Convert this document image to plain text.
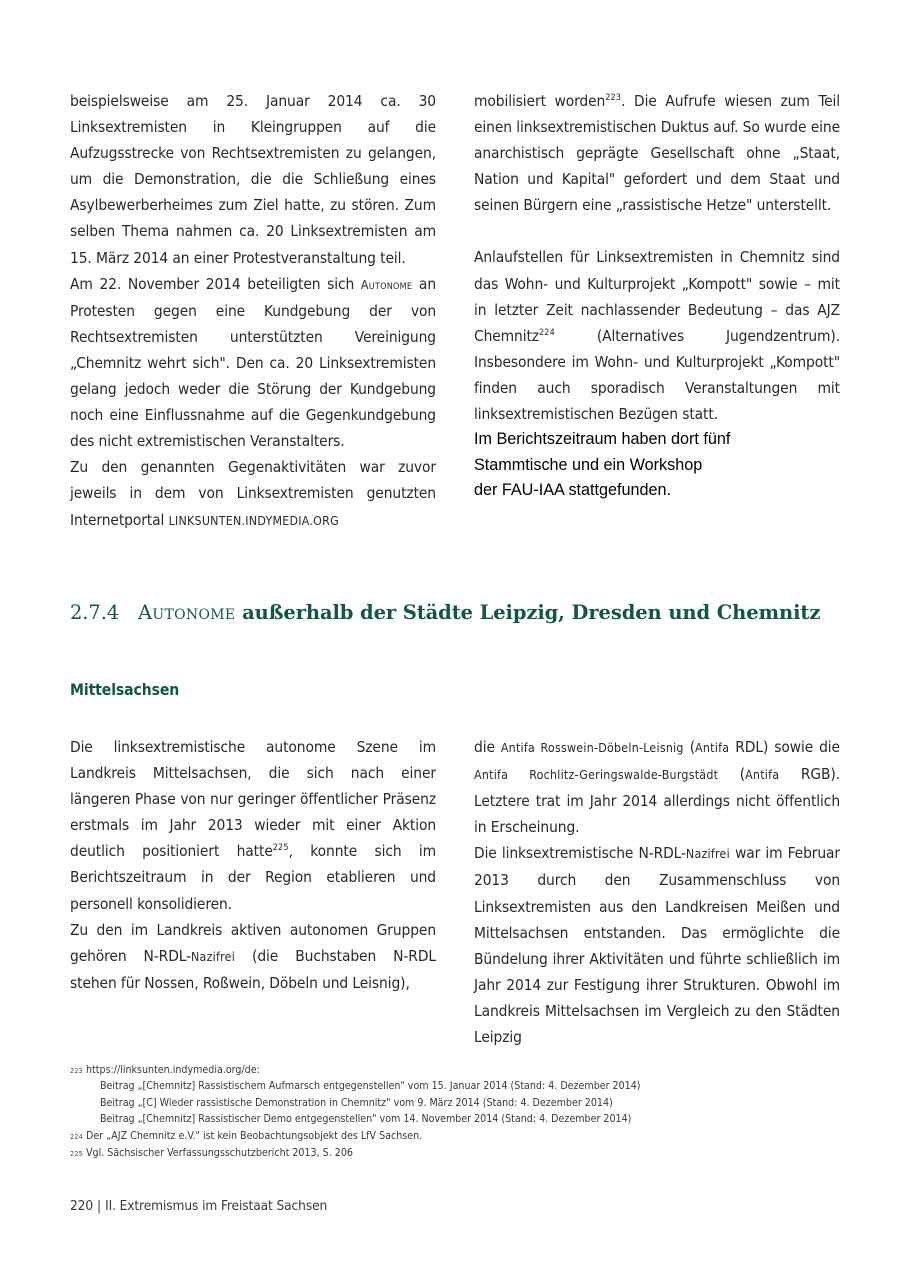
beispielsweise am 25. Januar 2014 ca. 30 Linksextremisten in Kleingruppen auf die Aufzugsstrecke von Rechtsextremisten zu gelangen, um die Demonstration, die die Schließung eines Asylbewerberheimes zum Ziel hatte, zu stören. Zum selben Thema nahmen ca. 20 Linksextremisten am 15. März 2014 an einer Protestveranstaltung teil.

Am 22. November 2014 beteiligten sich Autonome an Protesten gegen eine Kundgebung der von Rechtsextremisten unterstützten Vereinigung „Chemnitz wehrt sich". Den ca. 20 Linksextremisten gelang jedoch weder die Störung der Kundgebung noch eine Einflussnahme auf die Gegenkundgebung des nicht extremistischen Veranstalters.

Zu den genannten Gegenaktivitäten war zuvor jeweils in dem von Linksextremisten genutzten Internetportal LINKSUNTEN.INDYMEDIA.ORG

mobilisiert worden$^{223}$. Die Aufrufe wiesen zum Teil einen linksextremistischen Duktus auf. So wurde eine anarchistisch geprägte Gesellschaft ohne „Staat, Nation und Kapital" gefordert und dem Staat und seinen Bürgern eine „rassistische Hetze" unterstellt.

Anlaufstellen für Linksextremisten in Chemnitz sind das Wohn- und Kulturprojekt „Kompott" sowie – mit in letzter Zeit nachlassender Bedeutung – das AJZ Chemnitz$^{224}$ (Alternatives Jugendzentrum). Insbesondere im Wohn- und Kulturprojekt „Kompott" finden auch sporadisch Veranstaltungen mit linksextremistischen Bezügen statt.

Im Berichtszeitraum haben dort fünf
Stammtische und ein Workshop
der FAU-IAA stattgefunden.
2.7.4 Autonome außerhalb der Städte Leipzig, Dresden und Chemnitz
Mittelsachsen

Die linksextremistische autonome Szene im Landkreis Mittelsachsen, die sich nach einer längeren Phase von nur geringer öffentlicher Präsenz erstmals im Jahr 2013 wieder mit einer Aktion deutlich positioniert hatte$^{225}$, konnte sich im Berichtszeitraum in der Region etablieren und personell konsolidieren.

Zu den im Landkreis aktiven autonomen Gruppen gehören N-RDL-Nazifrei (die Buchstaben N-RDL stehen für Nossen, Roßwein, Döbeln und Leisnig),

die Antifa Rosswein-Döbeln-Leisnig (Antifa RDL) sowie die Antifa Rochlitz-Geringswalde-Burgstädt (Antifa RGB). Letztere trat im Jahr 2014 allerdings nicht öffentlich in Erscheinung.

Die linksextremistische N-RDL-Nazifrei war im Februar 2013 durch den Zusammenschluss von Linksextremisten aus den Landkreisen Meißen und Mittelsachsen entstanden. Das ermöglichte die Bündelung ihrer Aktivitäten und führte schließlich im Jahr 2014 zur Festigung ihrer Strukturen. Obwohl im Landkreis Mittelsachsen im Vergleich zu den Städten Leipzig

223 https://linksunten.indymedia.org/de:
Beitrag „[Chemnitz] Rassistischem Aufmarsch entgegenstellen" vom 15. Januar 2014 (Stand: 4. Dezember 2014)
Beitrag „[C] Wieder rassistische Demonstration in Chemnitz" vom 9. März 2014 (Stand: 4. Dezember 2014)
Beitrag „[Chemnitz] Rassistischer Demo entgegenstellen" vom 14. November 2014 (Stand: 4. Dezember 2014)
224 Der „AJZ Chemnitz e.V." ist kein Beobachtungsobjekt des LfV Sachsen.
225 Vgl. Sächsischer Verfassungsschutzbericht 2013, S. 206
220 | II. Extremismus im Freistaat Sachsen
